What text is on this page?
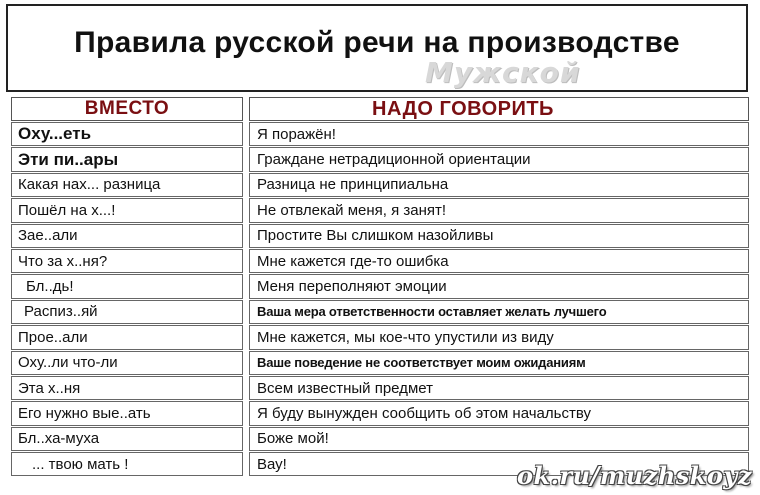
Правила русской речи на производстве
Мужской
ВМЕСТО	НАДО ГОВОРИТЬ
Оху...еть	Я поражён!
Эти пи..ары	Граждане нетрадиционной ориентации
Какая нах... разница	Разница не принципиальна
Пошёл на х...!	Не отвлекай меня, я занят!
Зае..али	Простите Вы слишком назойливы
Что за х..ня?	Мне кажется где-то ошибка
Бл..дь!	Меня переполняют эмоции
Распиз..яй	Ваша мера ответственности оставляет желать лучшего
Прое..али	Мне кажется, мы кое-что упустили из виду
Оху..ли что-ли	Ваше поведение не соответствует моим ожиданиям
Эта х..ня	Всем известный предмет
Его нужно вые..ать	Я буду вынужден сообщить об этом начальству
Бл..ха-муха	Боже мой!
... твою мать !	Вау!	ok.ru/muzhskoyz
